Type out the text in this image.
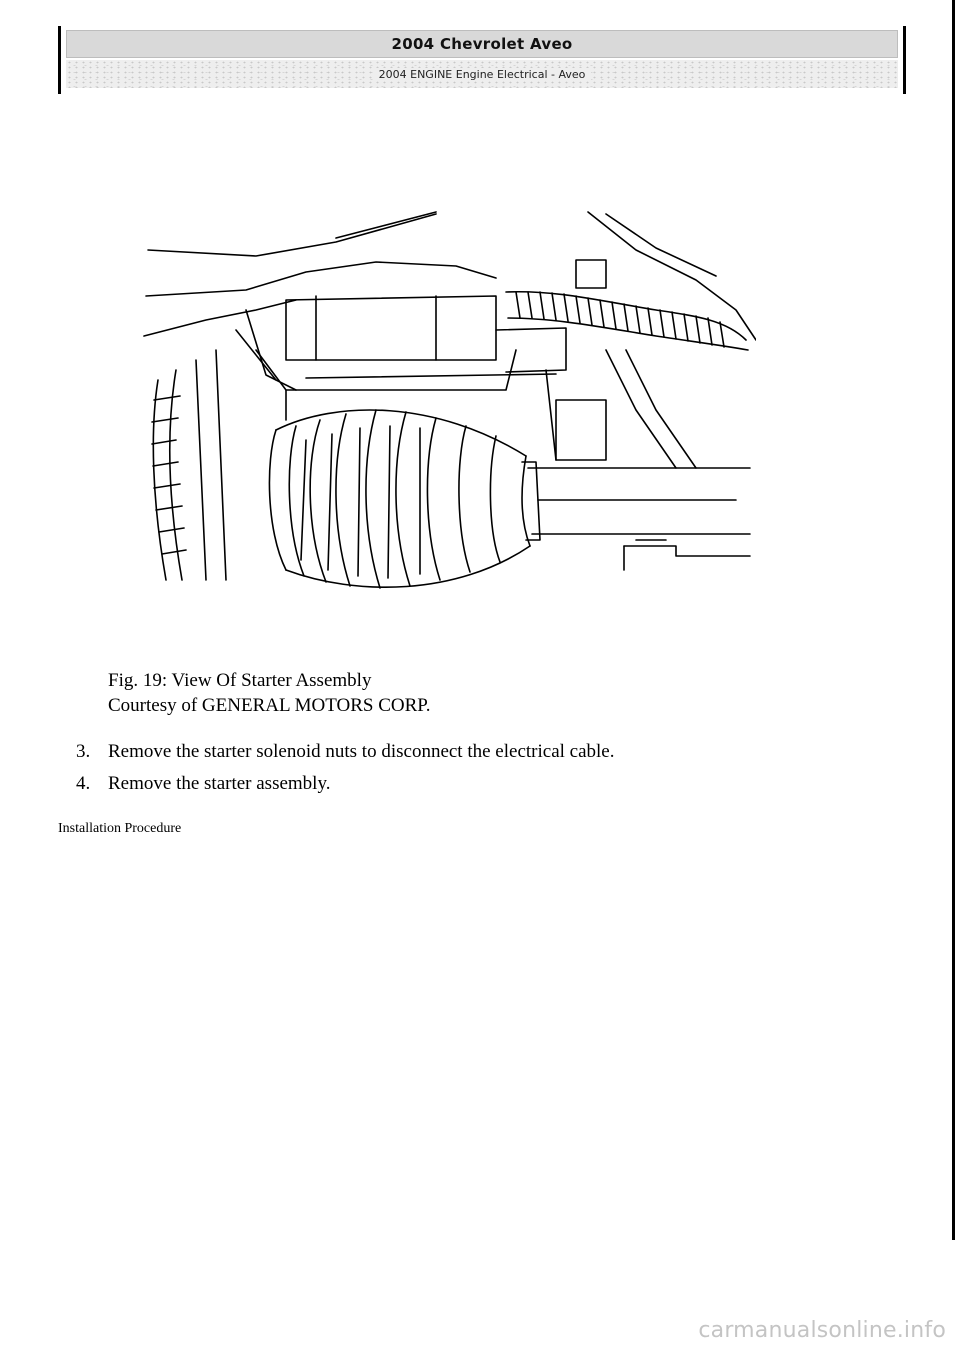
2004 Chevrolet Aveo
2004 ENGINE Engine Electrical - Aveo
Fig. 19: View Of Starter Assembly
Courtesy of GENERAL MOTORS CORP.
3. Remove the starter solenoid nuts to disconnect the electrical cable.
4. Remove the starter assembly.
Installation Procedure
carmanualsonline.info
